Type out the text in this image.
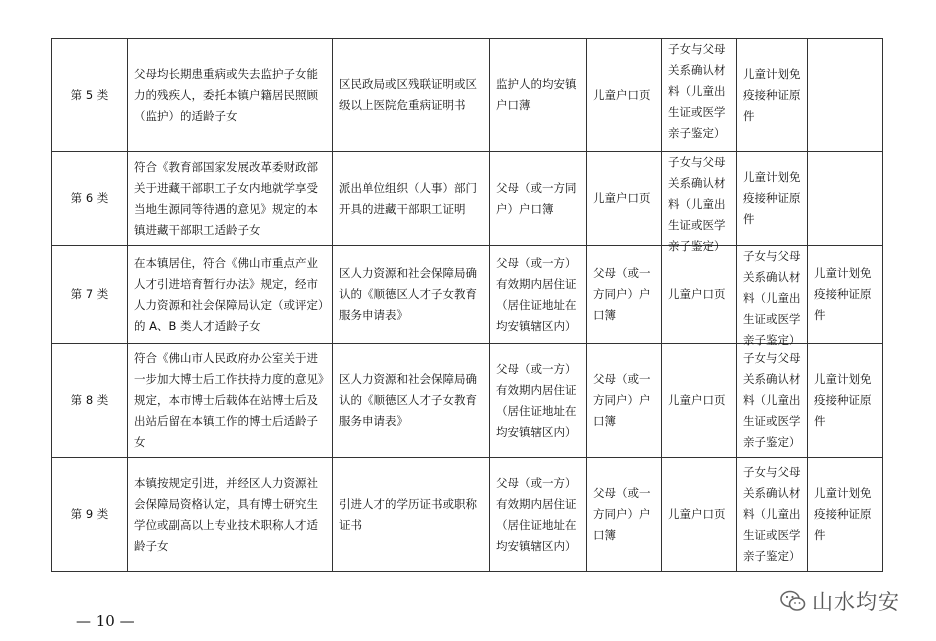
第 5 类	父母均长期患重病或失去监护子女能力的残疾人，委托本镇户籍居民照顾（监护）的适龄子女	区民政局或区残联证明或区级以上医院危重病证明书	监护人的均安镇户口薄	儿童户口页	子女与父母关系确认材料（儿童出生证或医学亲子鉴定）	儿童计划免疫接种证原件	
第 6 类	符合《教育部国家发展改革委财政部关于进藏干部职工子女内地就学享受当地生源同等待遇的意见》规定的本镇进藏干部职工适龄子女	派出单位组织（人事）部门开具的进藏干部职工证明	父母（或一方同户）户口簿	儿童户口页	子女与父母关系确认材料（儿童出生证或医学亲子鉴定）	儿童计划免疫接种证原件	
第 7 类	在本镇居住，符合《佛山市重点产业人才引进培育暂行办法》规定，经市人力资源和社会保障局认定（或评定）的 A、B 类人才适龄子女	区人力资源和社会保障局确认的《顺德区人才子女教育服务申请表》	父母（或一方）有效期内居住证（居住证地址在均安镇辖区内）	父母（或一方同户）户口簿	儿童户口页	子女与父母关系确认材料（儿童出生证或医学亲子鉴定）	儿童计划免疫接种证原件
第 8 类	符合《佛山市人民政府办公室关于进一步加大博士后工作扶持力度的意见》规定，本市博士后载体在站博士后及出站后留在本镇工作的博士后适龄子女	区人力资源和社会保障局确认的《顺德区人才子女教育服务申请表》	父母（或一方）有效期内居住证（居住证地址在均安镇辖区内）	父母（或一方同户）户口簿	儿童户口页	子女与父母关系确认材料（儿童出生证或医学亲子鉴定）	儿童计划免疫接种证原件
第 9 类	本镇按规定引进，并经区人力资源社会保障局资格认定，具有博士研究生学位或副高以上专业技术职称人才适龄子女	引进人才的学历证书或职称证书	父母（或一方）有效期内居住证（居住证地址在均安镇辖区内）	父母（或一方同户）户口簿	儿童户口页	子女与父母关系确认材料（儿童出生证或医学亲子鉴定）	儿童计划免疫接种证原件
— 10 —
山水均安
